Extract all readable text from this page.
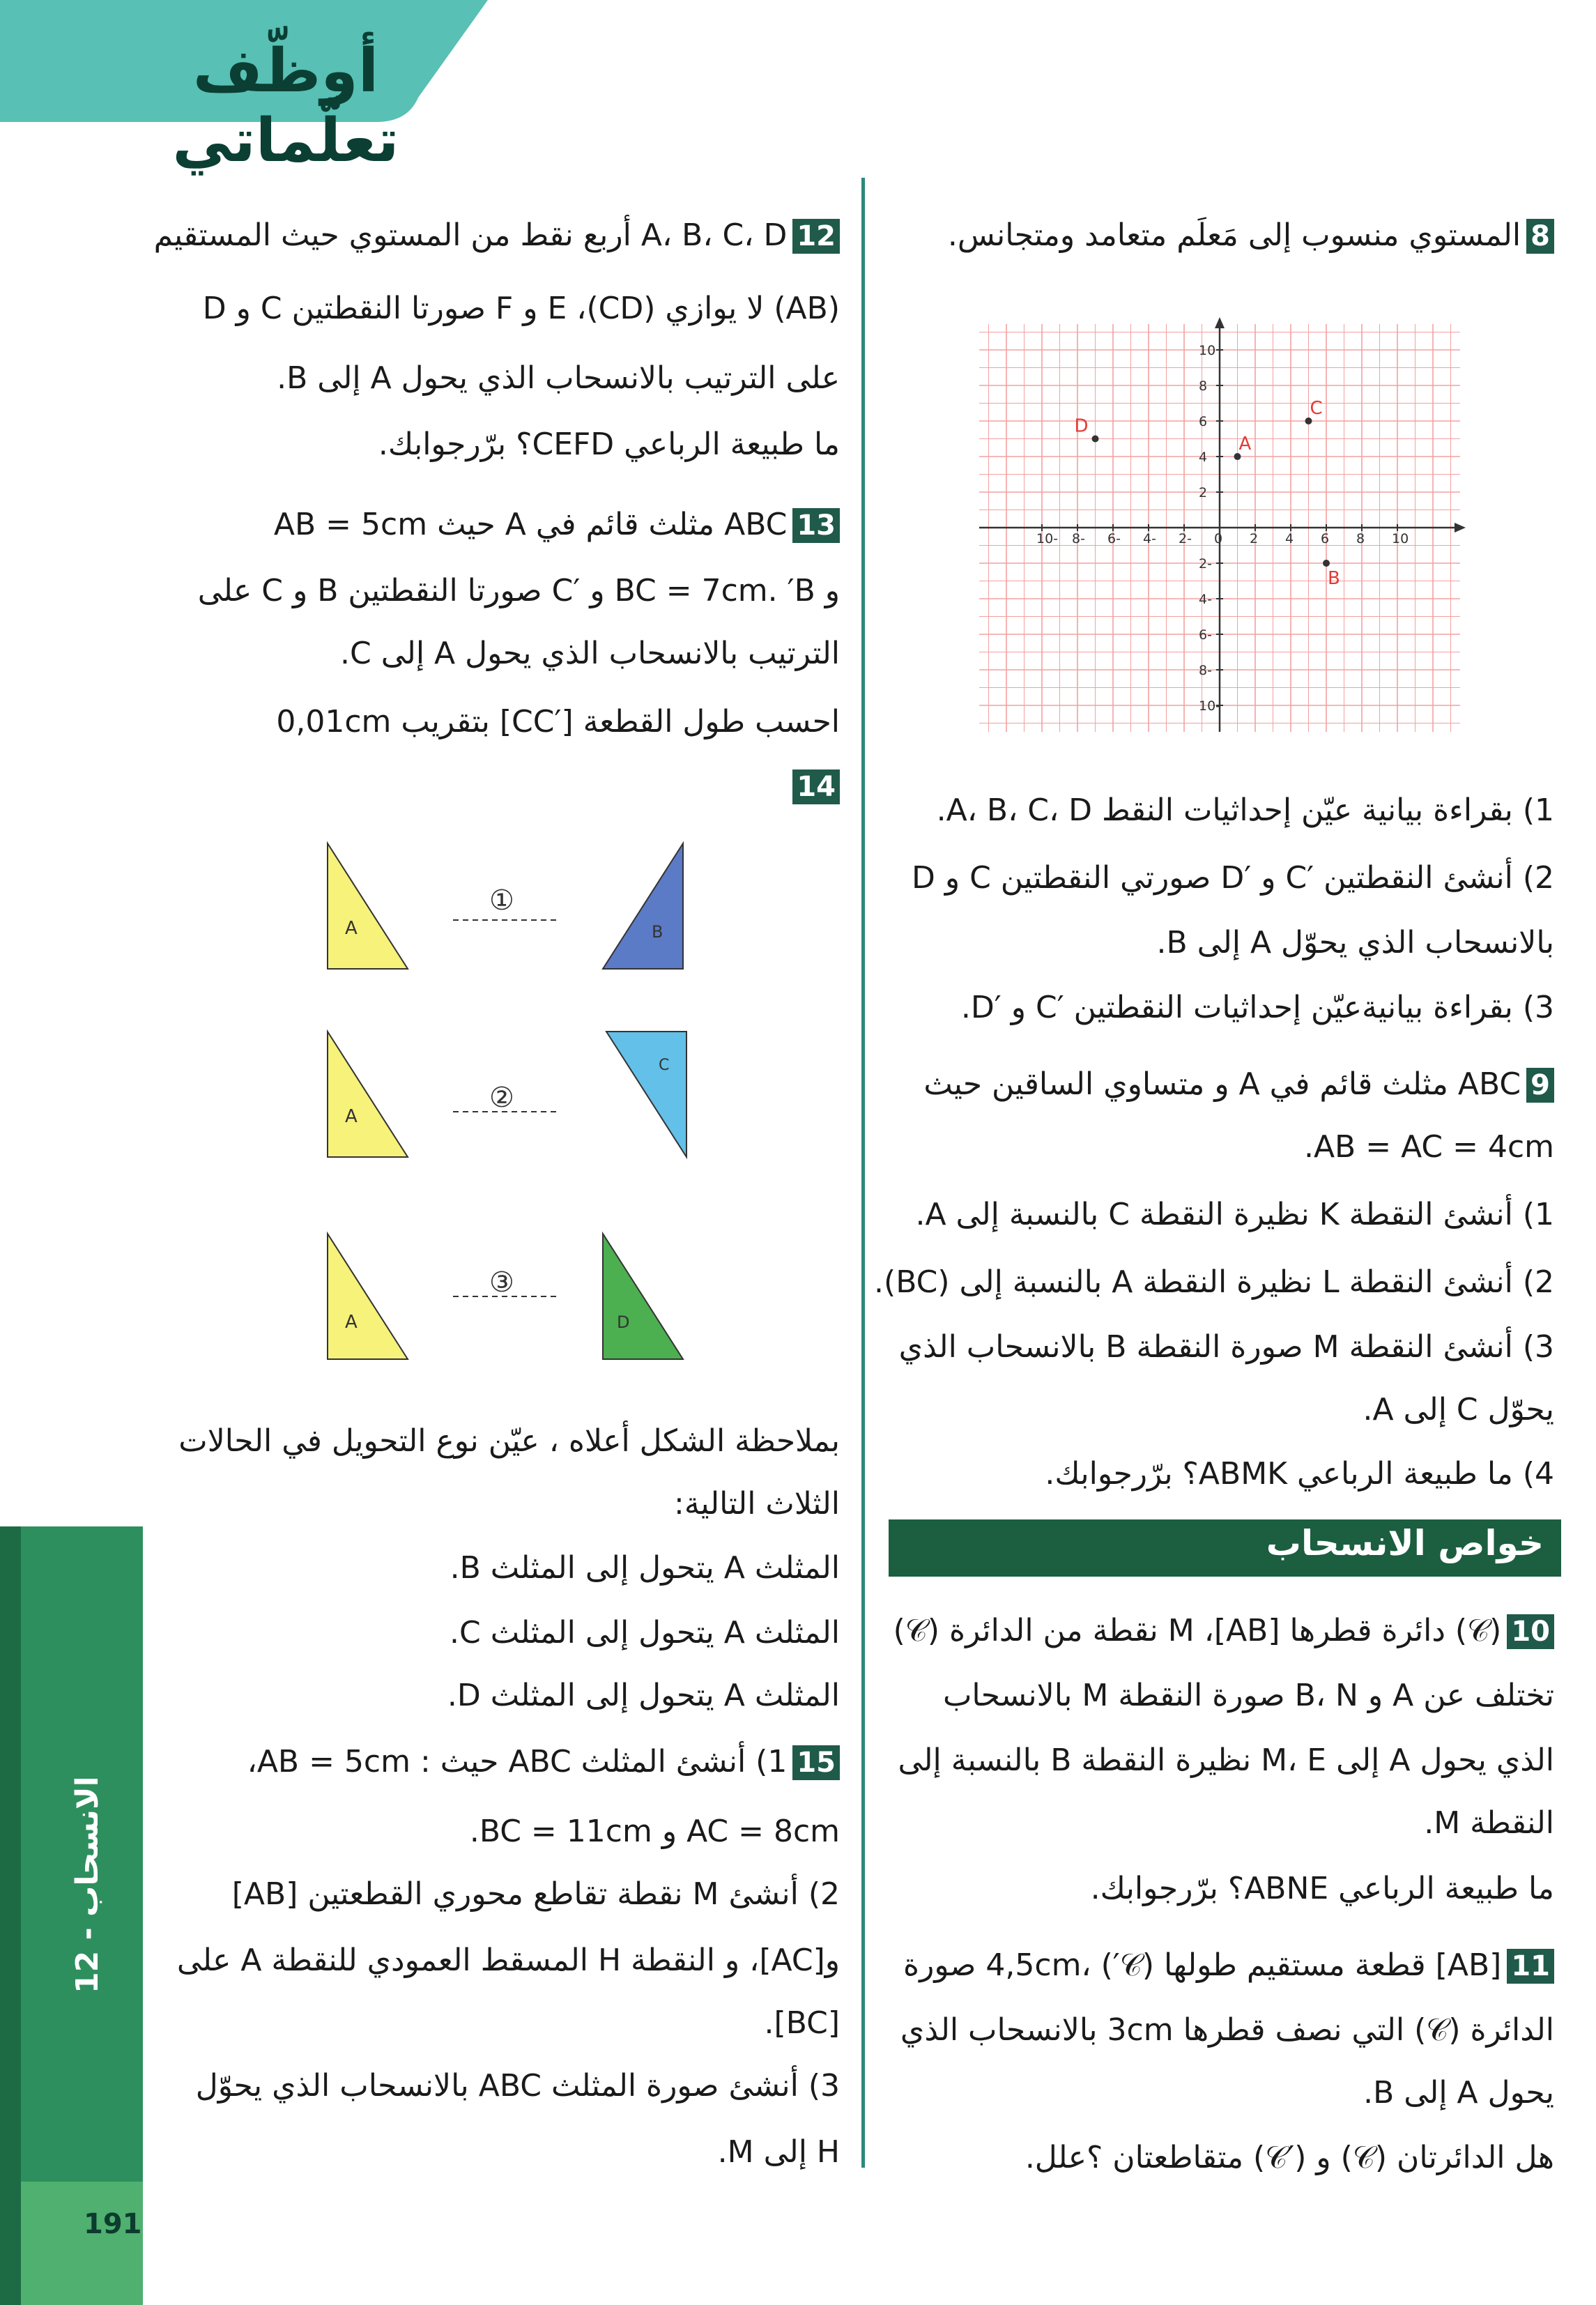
أوظّف تعلّماتي
12 - الانسحاب
191
8المستوي منسوب إلى مَعلَم متعامد ومتجانس.
10- 8- 6- 4- 2- 0 2 4 6 8 10
10
8
6
4
2
2-
4-
6-
8-
10-
D
A
C
B
1) بقراءة بيانية عيّن إحداثيات النقط A، B، C، D.
2) أنشئ النقطتين ′C و ′D صورتي النقطتين C و D
بالانسحاب الذي يحوّل A إلى B.
3) بقراءة بيانيةعيّن إحداثيات النقطتين ′C و ′D.
9ABC مثلث قائم في A و متساوي الساقين حيث
AB = AC = 4cm.
1) أنشئ النقطة K نظيرة النقطة C بالنسبة إلى A.
2) أنشئ النقطة L نظيرة النقطة A بالنسبة إلى (BC).
3) أنشئ النقطة M صورة النقطة B بالانسحاب الذي
يحوّل C إلى A.
4) ما طبيعة الرباعي ABMK؟ برّرجوابك.
خواص الانسحاب
10(𝒞) دائرة قطرها [AB]، M نقطة من الدائرة (𝒞)
تختلف عن A و B، N صورة النقطة M بالانسحاب
الذي يحول A إلى M، E نظيرة النقطة B بالنسبة إلى
النقطة M.
ما طبيعة الرباعي ABNE؟ برّرجوابك.
11[AB] قطعة مستقيم طولها 4,5cm، (′𝒞) صورة
الدائرة (𝒞) التي نصف قطرها 3cm بالانسحاب الذي
يحول A إلى B.
هل الدائرتان (𝒞) و (′𝒞) متقاطعتان ؟علل.
12A، B، C، D أربع نقط من المستوي حيث المستقيم
(AB) لا يوازي (CD)، E و F صورتا النقطتين C و D
على الترتيب بالانسحاب الذي يحول A إلى B.
ما طبيعة الرباعي CEFD؟ برّرجوابك.
13ABC مثلث قائم في A حيث AB = 5cm
و BC = 7cm. ′B و ′C صورتا النقطتين B و C على
الترتيب بالانسحاب الذي يحول A إلى C.
احسب طول القطعة [′CC] بتقريب 0,01cm
14
A
①
B
A
②
C
A
③
D
بملاحظة الشكل أعلاه ، عيّن نوع التحويل في الحالات
الثلاث التالية:
المثلث A يتحول إلى المثلث B.
المثلث A يتحول إلى المثلث C.
المثلث A يتحول إلى المثلث D.
151) أنشئ المثلث ABC حيث : AB = 5cm،
AC = 8cm و BC = 11cm.
2) أنشئ M نقطة تقاطع محوري القطعتين [AB]
و[AC]، و النقطة H المسقط العمودي للنقطة A على
[BC].
3) أنشئ صورة المثلث ABC بالانسحاب الذي يحوّل
H إلى M.
